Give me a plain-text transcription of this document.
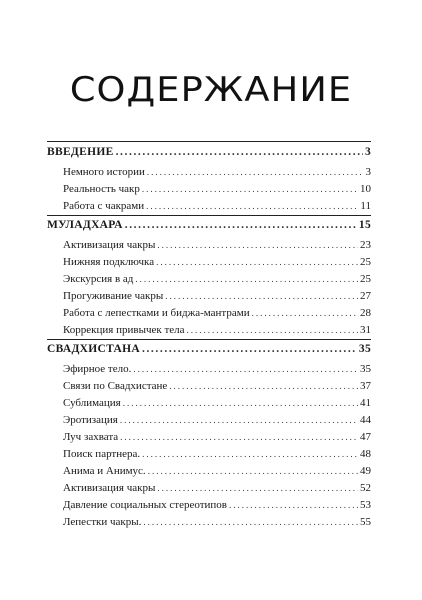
СОДЕРЖАНИЕ
ВВЕДЕНИЕ .....	3
Немного истории .....	3
Реальность чакр .....	10
Работа с чакрами .....	11
МУЛАДХАРА .....	15
Активизация чакры .....	23
Нижняя подключка .....	25
Экскурсия в ад .....	25
Прогуживание чакры .....	27
Работа с лепестками и биджа-мантрами .....	28
Коррекция привычек тела .....	31
СВАДХИСТАНА .....	35
Эфирное тело. .....	35
Связи по Свадхистане .....	37
Сублимация .....	41
Эротизация .....	44
Луч захвата .....	47
Поиск партнера. .....	48
Анима и Анимус. .....	49
Активизация чакры .....	52
Давление социальных стереотипов .....	53
Лепестки чакры. .....	55
